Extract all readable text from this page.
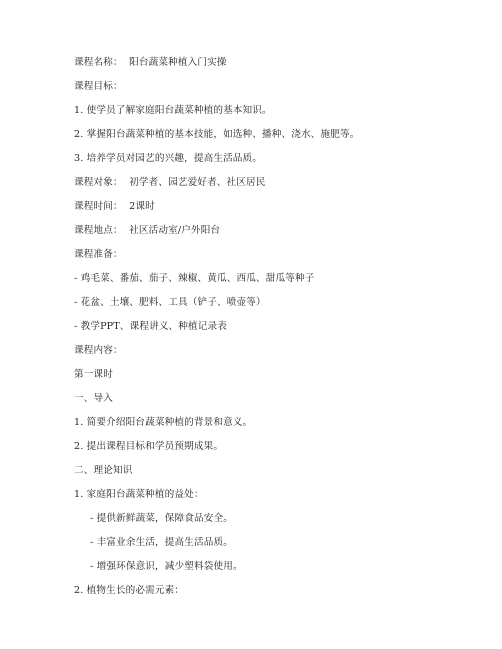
课程名称：  阳台蔬菜种植入门实操
课程目标：
1. 使学员了解家庭阳台蔬菜种植的基本知识。
2. 掌握阳台蔬菜种植的基本技能，如选种、播种、浇水、施肥等。
3. 培养学员对园艺的兴趣，提高生活品质。
课程对象：  初学者、园艺爱好者、社区居民
课程时间：  2课时
课程地点：  社区活动室/户外阳台
课程准备：
- 鸡毛菜、番茄、茄子、辣椒、黄瓜、西瓜、甜瓜等种子
- 花盆、土壤、肥料、工具（铲子、喷壶等）
- 教学PPT、课程讲义、种植记录表
课程内容：
第一课时
一、导入
1. 简要介绍阳台蔬菜种植的背景和意义。
2. 提出课程目标和学员预期成果。
二、理论知识
1. 家庭阳台蔬菜种植的益处：
- 提供新鲜蔬菜，保障食品安全。
- 丰富业余生活，提高生活品质。
- 增强环保意识，减少塑料袋使用。
2. 植物生长的必需元素：
